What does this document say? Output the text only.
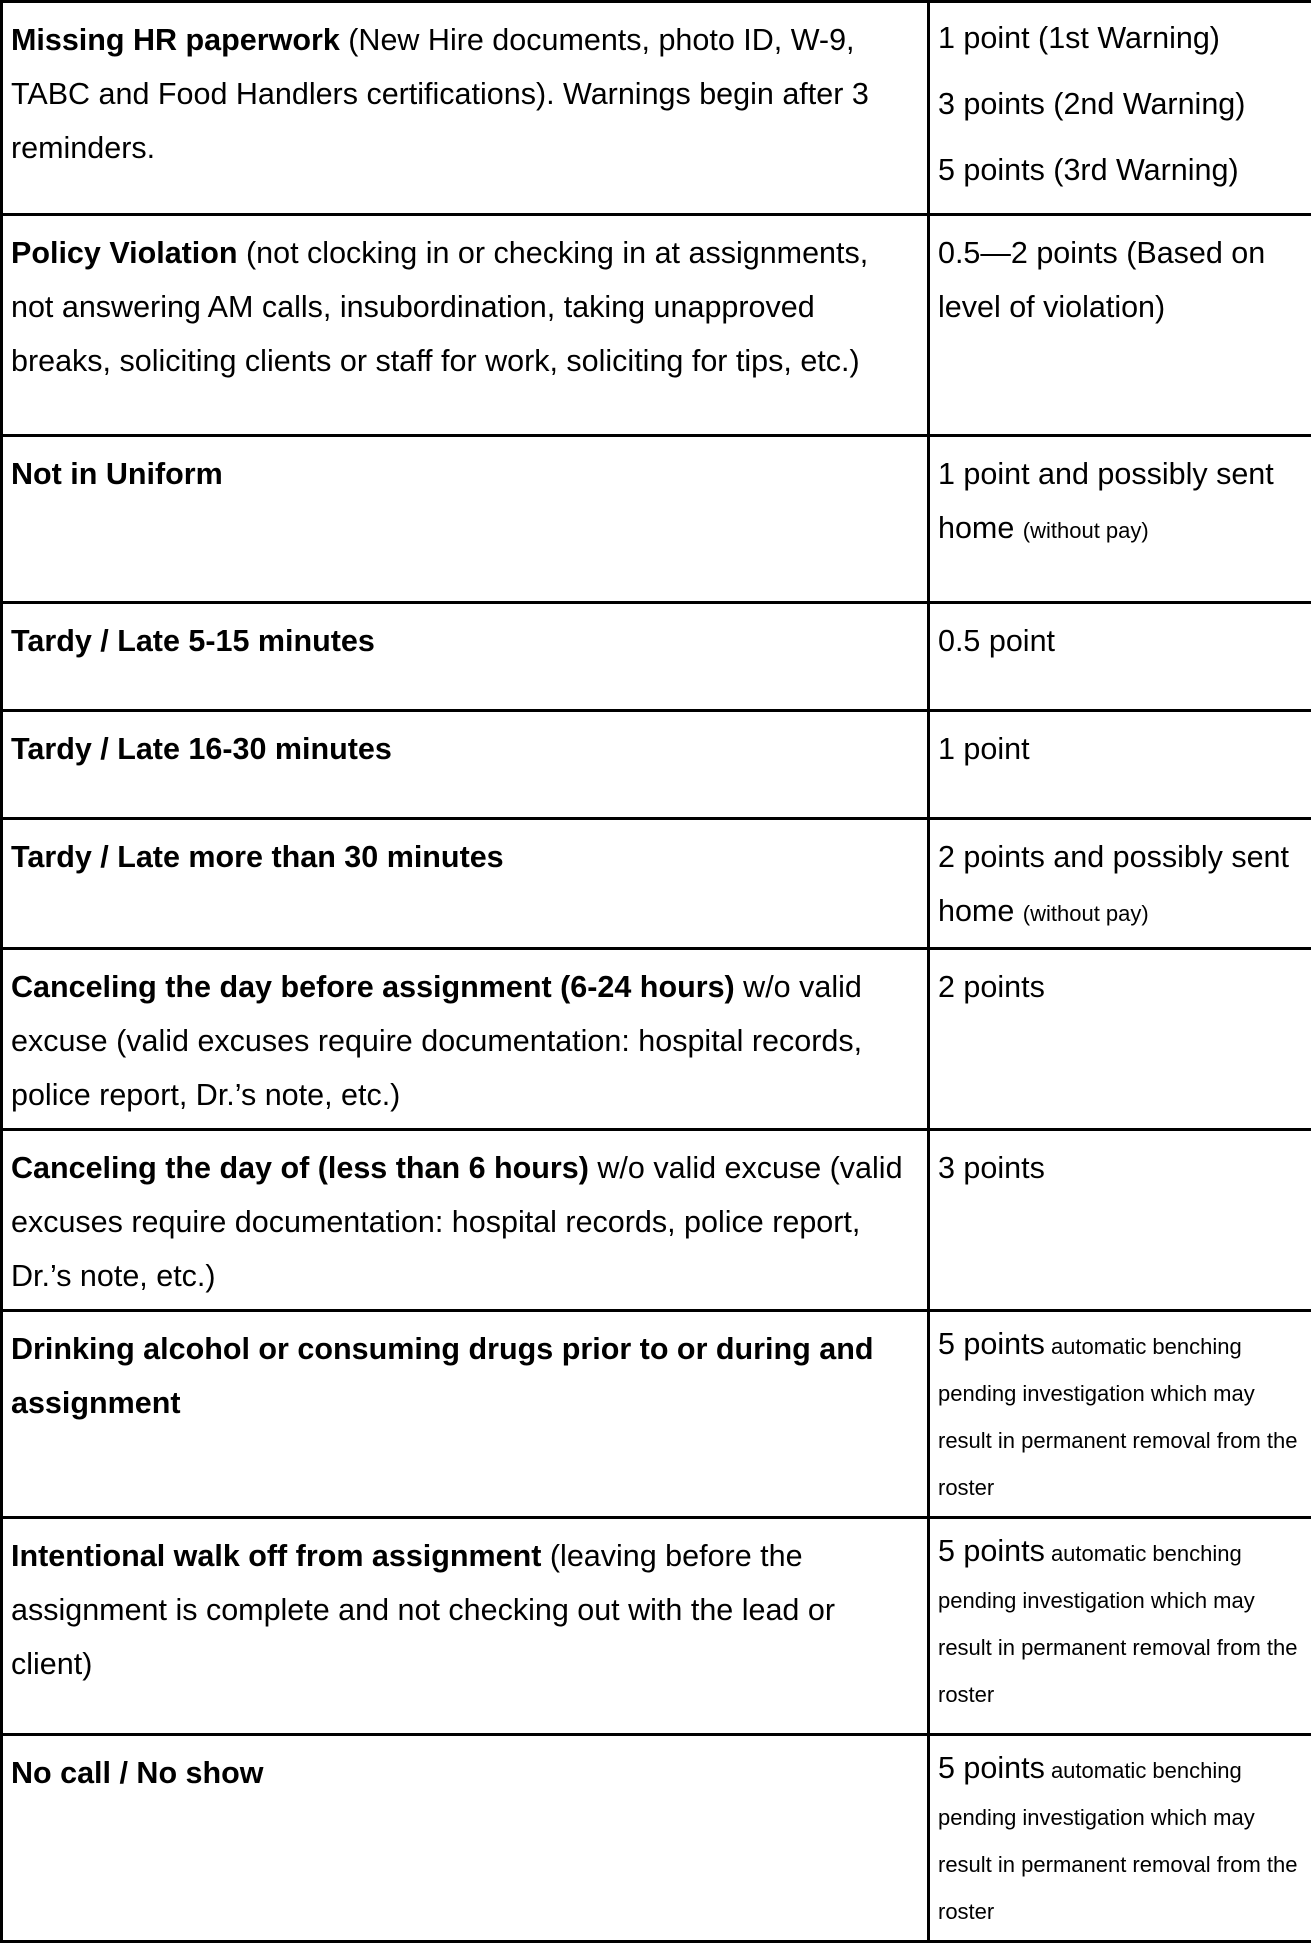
Missing HR paperwork (New Hire documents, photo ID, W-9, TABC and Food Handlers certifications). Warnings begin after 3 reminders.	1 point (1st Warning)
3 points (2nd Warning)
5 points (3rd Warning)

Policy Violation (not clocking in or checking in at assignments, not answering AM calls, insubordination, taking unapproved breaks, soliciting clients or staff for work, soliciting for tips, etc.)	0.5—2 points (Based on level of violation)
Not in Uniform	1 point and possibly sent home (without pay)
Tardy / Late 5-15 minutes	0.5 point
Tardy / Late 16-30 minutes	1 point
Tardy / Late more than 30 minutes	2 points and possibly sent home (without pay)
Canceling the day before assignment (6-24 hours) w/o valid excuse (valid excuses require documentation: hospital records, police report, Dr.’s note, etc.)	2 points
Canceling the day of (less than 6 hours) w/o valid excuse (valid excuses require documentation: hospital records, police report, Dr.’s note, etc.)	3 points
Drinking alcohol or consuming drugs prior to or during and assignment	5 points automatic benching pending investigation which may result in permanent removal from the roster
Intentional walk off from assignment (leaving before the assignment is complete and not checking out with the lead or client)	5 points automatic benching pending investigation which may result in permanent removal from the roster
No call / No show	5 points automatic benching pending investigation which may result in permanent removal from the roster
